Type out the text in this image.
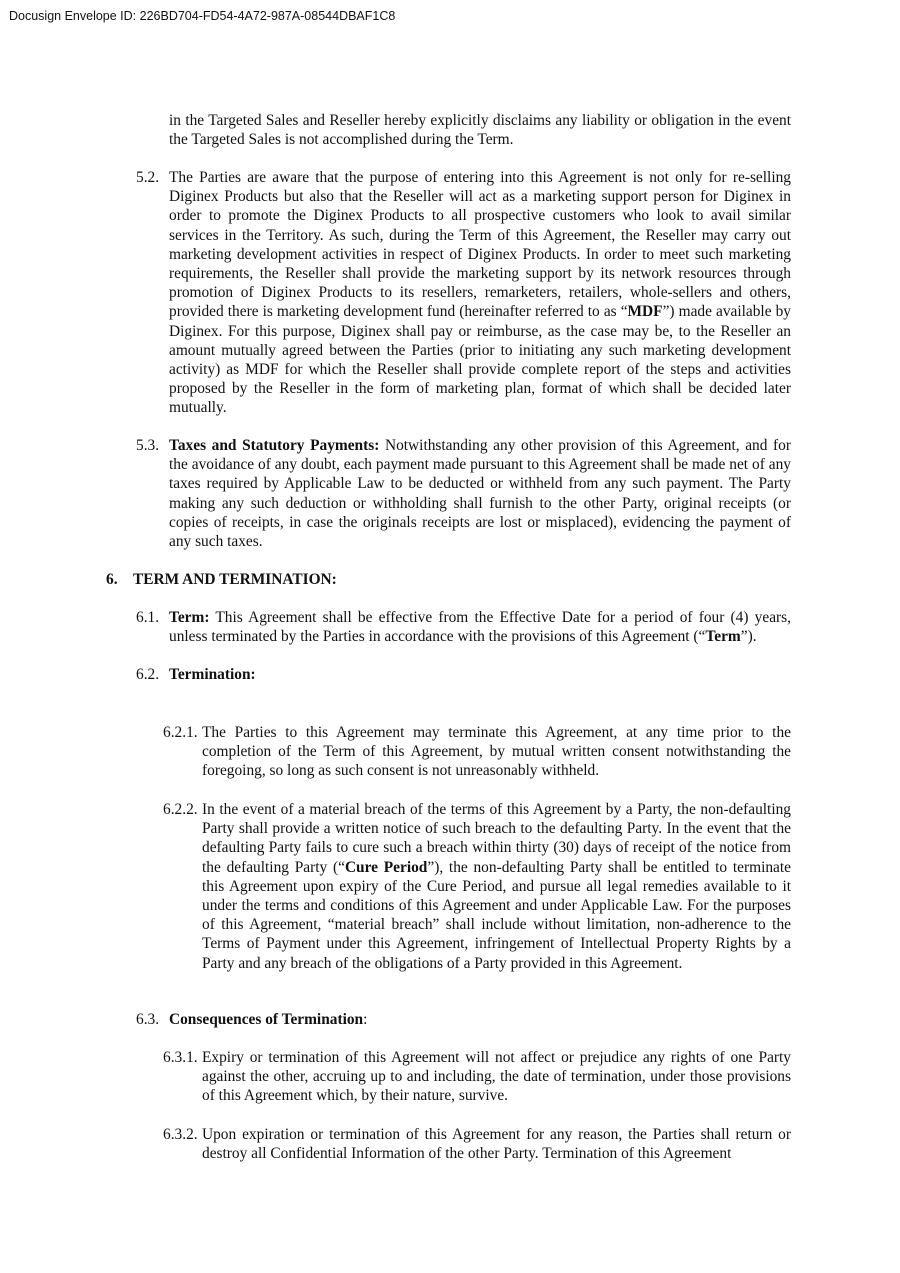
Docusign Envelope ID: 226BD704-FD54-4A72-987A-08544DBAF1C8

in the Targeted Sales and Reseller hereby explicitly disclaims any liability or obligation in the event the Targeted Sales is not accomplished during the Term.

5.2. The Parties are aware that the purpose of entering into this Agreement is not only for re-selling Diginex Products but also that the Reseller will act as a marketing support person for Diginex in order to promote the Diginex Products to all prospective customers who look to avail similar services in the Territory. As such, during the Term of this Agreement, the Reseller may carry out marketing development activities in respect of Diginex Products. In order to meet such marketing requirements, the Reseller shall provide the marketing support by its network resources through promotion of Diginex Products to its resellers, remarketers, retailers, whole-sellers and others, provided there is marketing development fund (hereinafter referred to as “MDF”) made available by Diginex. For this purpose, Diginex shall pay or reimburse, as the case may be, to the Reseller an amount mutually agreed between the Parties (prior to initiating any such marketing development activity) as MDF for which the Reseller shall provide complete report of the steps and activities proposed by the Reseller in the form of marketing plan, format of which shall be decided later mutually.

5.3. Taxes and Statutory Payments: Notwithstanding any other provision of this Agreement, and for the avoidance of any doubt, each payment made pursuant to this Agreement shall be made net of any taxes required by Applicable Law to be deducted or withheld from any such payment. The Party making any such deduction or withholding shall furnish to the other Party, original receipts (or copies of receipts, in case the originals receipts are lost or misplaced), evidencing the payment of any such taxes.

6. TERM AND TERMINATION:
6.1. Term: This Agreement shall be effective from the Effective Date for a period of four (4) years, unless terminated by the Parties in accordance with the provisions of this Agreement (“Term”).

6.2. Termination:
6.2.1. The Parties to this Agreement may terminate this Agreement, at any time prior to the completion of the Term of this Agreement, by mutual written consent notwithstanding the foregoing, so long as such consent is not unreasonably withheld.

6.2.2. In the event of a material breach of the terms of this Agreement by a Party, the non-defaulting Party shall provide a written notice of such breach to the defaulting Party. In the event that the defaulting Party fails to cure such a breach within thirty (30) days of receipt of the notice from the defaulting Party (“Cure Period”), the non-defaulting Party shall be entitled to terminate this Agreement upon expiry of the Cure Period, and pursue all legal remedies available to it under the terms and conditions of this Agreement and under Applicable Law. For the purposes of this Agreement, “material breach” shall include without limitation, non-adherence to the Terms of Payment under this Agreement, infringement of Intellectual Property Rights by a Party and any breach of the obligations of a Party provided in this Agreement.

6.3. Consequences of Termination:
6.3.1. Expiry or termination of this Agreement will not affect or prejudice any rights of one Party against the other, accruing up to and including, the date of termination, under those provisions of this Agreement which, by their nature, survive.

6.3.2. Upon expiration or termination of this Agreement for any reason, the Parties shall return or destroy all Confidential Information of the other Party. Termination of this Agreement
